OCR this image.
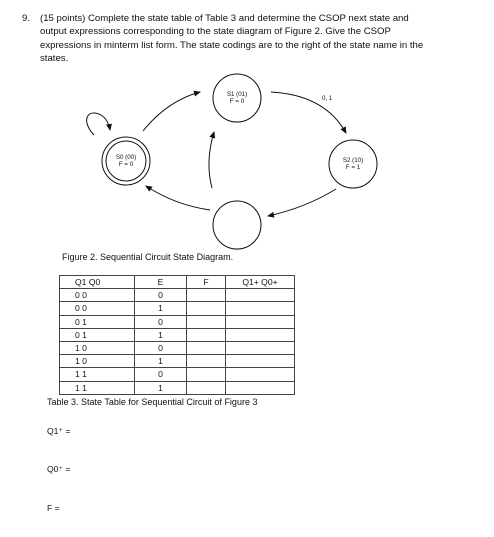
9. (15 points) Complete the state table of Table 3 and determine the CSOP next state and
output expressions corresponding to the state diagram of Figure 2. Give the CSOP
expressions in minterm list form. The state codings are to the right of the state name in the
states.
S0 (00)
F = 0
S1 (01)
F = 0
S2 (10)
F = 1
0, 1
Figure 2. Sequential Circuit State Diagram.
Q1 Q0	E	F	Q1+ Q0+
0 0	0		
0 0	1		
0 1	0		
0 1	1		
1 0	0		
1 0	1		
1 1	0		
1 1	1		
Table 3. State Table for Sequential Circuit of Figure 3
Q1⁺ =
Q0⁺ =
F =
